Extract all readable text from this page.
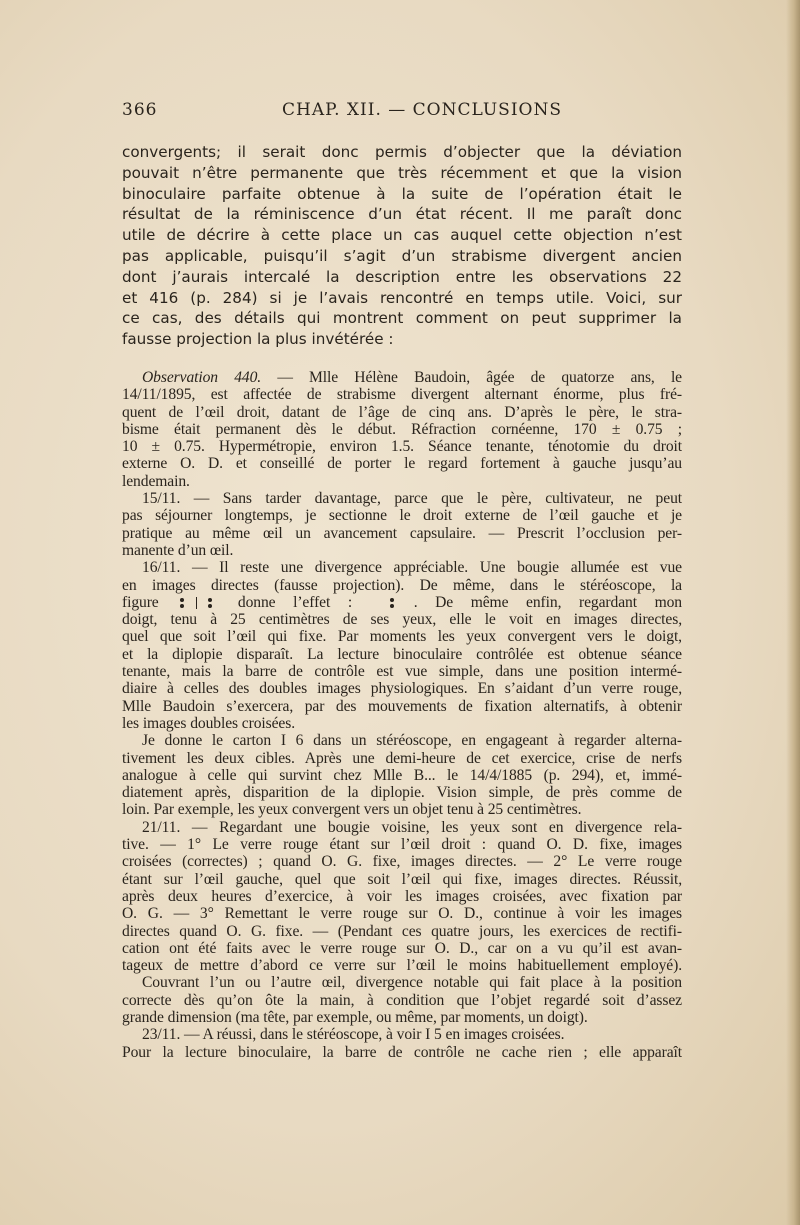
366	CHAP. XII. — CONCLUSIONS
convergents; il serait donc permis d’objecter que la déviation
pouvait n’être permanente que très récemment et que la vision
binoculaire parfaite obtenue à la suite de l’opération était le
résultat de la réminiscence d’un état récent. Il me paraît donc
utile de décrire à cette place un cas auquel cette objection n’est
pas applicable, puisqu’il s’agit d’un strabisme divergent ancien
dont j’aurais intercalé la description entre les observations 22
et 416 (p. 284) si je l’avais rencontré en temps utile. Voici, sur
ce cas, des détails qui montrent comment on peut supprimer la
fausse projection la plus invétérée :
Observation 440. — Mlle Hélène Baudoin, âgée de quatorze ans, le
14/11/1895, est affectée de strabisme divergent alternant énorme, plus fré-
quent de l’œil droit, datant de l’âge de cinq ans. D’après le père, le stra-
bisme était permanent dès le début. Réfraction cornéenne, 170 ± 0.75 ;
10 ± 0.75. Hypermétropie, environ 1.5. Séance tenante, ténotomie du droit
externe O. D. et conseillé de porter le regard fortement à gauche jusqu’au
lendemain.
15/11. — Sans tarder davantage, parce que le père, cultivateur, ne peut
pas séjourner longtemps, je sectionne le droit externe de l’œil gauche et je
pratique au même œil un avancement capsulaire. — Prescrit l’occlusion per-
manente d’un œil.
16/11. — Il reste une divergence appréciable. Une bougie allumée est vue
en images directes (fausse projection). De même, dans le stéréoscope, la
figure	donne l’effet :	. De même enfin, regardant mon
doigt, tenu à 25 centimètres de ses yeux, elle le voit en images directes,
quel que soit l’œil qui fixe. Par moments les yeux convergent vers le doigt,
et la diplopie disparaît. La lecture binoculaire contrôlée est obtenue séance
tenante, mais la barre de contrôle est vue simple, dans une position intermé-
diaire à celles des doubles images physiologiques. En s’aidant d’un verre rouge,
Mlle Baudoin s’exercera, par des mouvements de fixation alternatifs, à obtenir
les images doubles croisées.
Je donne le carton I 6 dans un stéréoscope, en engageant à regarder alterna-
tivement les deux cibles. Après une demi-heure de cet exercice, crise de nerfs
analogue à celle qui survint chez Mlle B... le 14/4/1885 (p. 294), et, immé-
diatement après, disparition de la diplopie. Vision simple, de près comme de
loin. Par exemple, les yeux convergent vers un objet tenu à 25 centimètres.
21/11. — Regardant une bougie voisine, les yeux sont en divergence rela-
tive. — 1° Le verre rouge étant sur l’œil droit : quand O. D. fixe, images
croisées (correctes) ; quand O. G. fixe, images directes. — 2° Le verre rouge
étant sur l’œil gauche, quel que soit l’œil qui fixe, images directes. Réussit,
après deux heures d’exercice, à voir les images croisées, avec fixation par
O. G. — 3° Remettant le verre rouge sur O. D., continue à voir les images
directes quand O. G. fixe. — (Pendant ces quatre jours, les exercices de rectifi-
cation ont été faits avec le verre rouge sur O. D., car on a vu qu’il est avan-
tageux de mettre d’abord ce verre sur l’œil le moins habituellement employé).
Couvrant l’un ou l’autre œil, divergence notable qui fait place à la position
correcte dès qu’on ôte la main, à condition que l’objet regardé soit d’assez
grande dimension (ma tête, par exemple, ou même, par moments, un doigt).
23/11. — A réussi, dans le stéréoscope, à voir I 5 en images croisées.
Pour la lecture binoculaire, la barre de contrôle ne cache rien ; elle apparaît
